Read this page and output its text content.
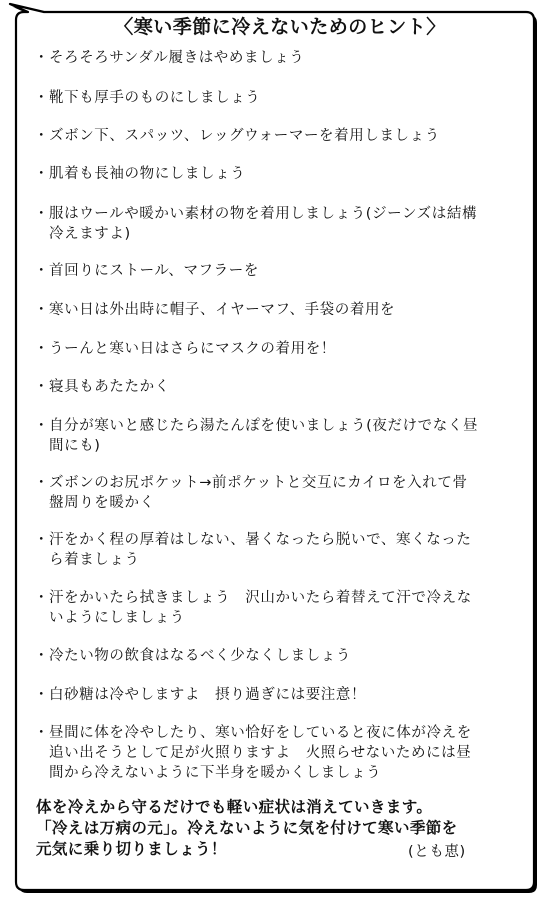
〈寒い季節に冷えないためのヒント〉
・ そろそろサンダル履きはやめましょう
・ 靴下も厚手のものにしましょう
・ ズボン下、スパッツ、レッグウォーマーを着用しましょう
・ 肌着も長袖の物にしましょう
・ 服はウールや暖かい素材の物を着用しましょう(ジーンズは結構
冷えますよ)
・ 首回りにストール、マフラーを
・ 寒い日は外出時に帽子、イヤーマフ、手袋の着用を
・ うーんと寒い日はさらにマスクの着用を！
・ 寝具もあたたかく
・ 自分が寒いと感じたら湯たんぽを使いましょう(夜だけでなく昼
間にも)
・ ズボンのお尻ポケット→前ポケットと交互にカイロを入れて骨
盤周りを暖かく
・ 汗をかく程の厚着はしない、暑くなったら脱いで、寒くなった
ら着ましょう
・ 汗をかいたら拭きましょう　沢山かいたら着替えて汗で冷えな
いようにしましょう
・ 冷たい物の飲食はなるべく少なくしましょう
・ 白砂糖は冷やしますよ　摂り過ぎには要注意！
・ 昼間に体を冷やしたり、寒い恰好をしていると夜に体が冷えを
追い出そうとして足が火照りますよ　火照らせないためには昼
間から冷えないように下半身を暖かくしましょう
体を冷えから守るだけでも軽い症状は消えていきます。
「冷えは万病の元」。冷えないように気を付けて寒い季節を
元気に乗り切りましょう！	(とも恵)
